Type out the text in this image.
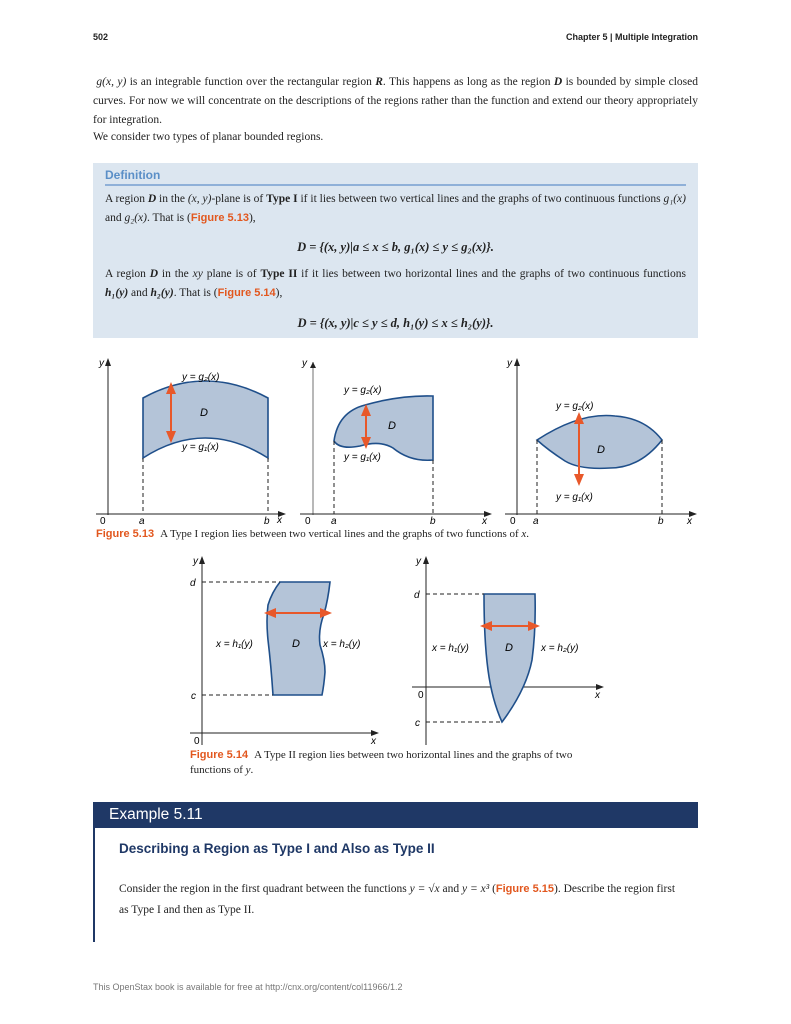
502	Chapter 5 | Multiple Integration
g(x, y) is an integrable function over the rectangular region R. This happens as long as the region D is bounded by simple closed curves. For now we will concentrate on the descriptions of the regions rather than the function and extend our theory appropriately for integration.
We consider two types of planar bounded regions.
Definition
A region D in the (x, y)-plane is of Type I if it lies between two vertical lines and the graphs of two continuous functions g₁(x) and g₂(x). That is (Figure 5.13),
D = {(x, y)|a ≤ x ≤ b, g₁(x) ≤ y ≤ g₂(x)}.
A region D in the xy plane is of Type II if it lies between two horizontal lines and the graphs of two continuous functions h₁(y) and h₂(y). That is (Figure 5.14),
D = {(x, y)|c ≤ y ≤ d, h₁(y) ≤ x ≤ h₂(y)}.
y
x
0	a	b
y = g₂(x)
y = g₁(x)
D
y
x
0 a	b
y = g₂(x)
y = g₁(x)
D
y
x
0 a	b
y = g₂(x)
y = g₁(x)
D
Figure 5.13 A Type I region lies between two vertical lines and the graphs of two functions of x.
y
x
0
d
c
x = h₁(y)	x = h₂(y)
D
y
x
0
d
c
x = h₁(y)	x = h₂(y)
D
Figure 5.14 A Type II region lies between two horizontal lines and the graphs of two functions of y.
Example 5.11
Describing a Region as Type I and Also as Type II
Consider the region in the first quadrant between the functions y = √x and y = x³ (Figure 5.15). Describe the region first as Type I and then as Type II.
This OpenStax book is available for free at http://cnx.org/content/col11966/1.2
